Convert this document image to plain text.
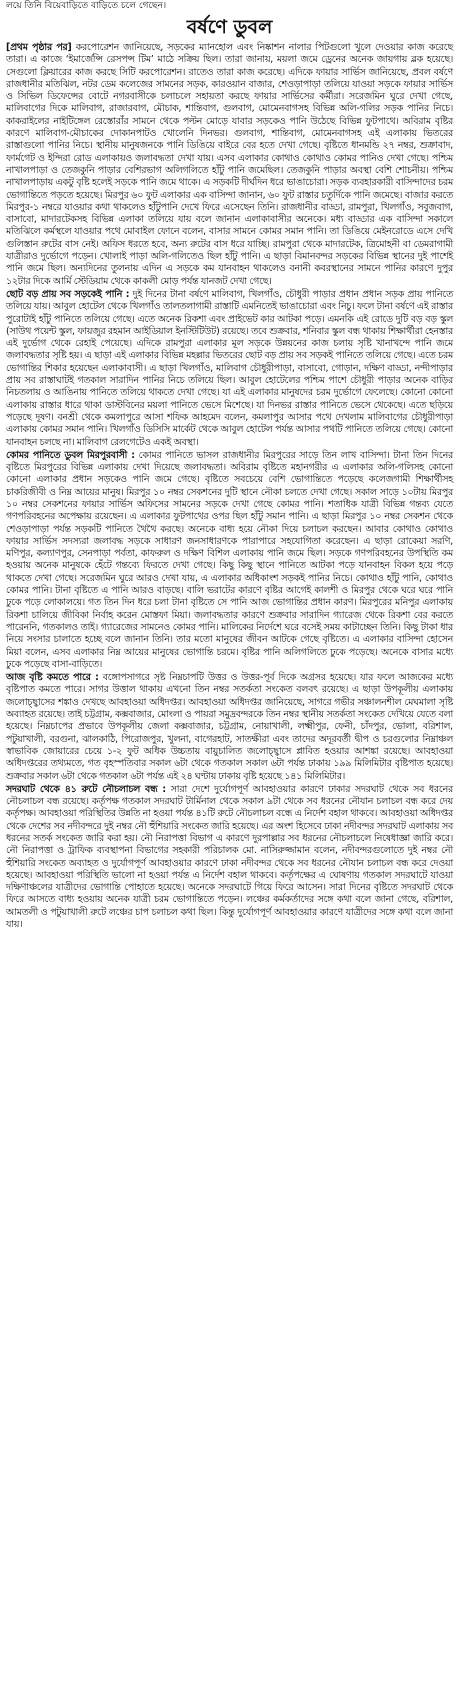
লয়ে তিনি বিয়েবাড়িতে বাড়িতে চলে গেছেন।
বর্ষণে ডুবল

[প্রথম পৃষ্ঠার পর] করপোরেশন জানিয়েছে, সড়কের ম্যানহোল এবং নিষ্কাশন নালার পিটগুলো খুলে দেওয়ার কাজ করেছে তারা। এ কাজে ‘ইমার্জেন্সি রেসপন্স টিম’ মাঠে সক্রিয় ছিল। তারা জানায়, ময়লা জমে ড্রেনের অনেক জায়গায় ব্লক হয়েছে। সেগুলো ক্লিয়ারের কাজ করছে সিটি করপোরেশন। রাতেও তারা কাজ করেছে। এদিকে ফায়ার সার্ভিস জানিয়েছে, প্রবল বর্ষণে রাজধানীর মতিঝিল, নটর ডেম কলেজের সামনের সড়ক, কারওয়ান বাজার, শেওড়াপাড়া তলিয়ে যাওয়া সড়কে ফায়ার সার্ভিস ও সিভিল ডিফেন্সের বোটে নগরবাসীকে চলাচলে সহায়তা করছে ফায়ার সার্ভিসের কর্মীরা। সরেজমিন ঘুরে দেখা গেছে, মালিবাগের দিকে মালিবাগ, রাজারবাগ, মৌচাক, শান্তিবাগ, গুলবাগ, মোমেনবাগসহ বিভিন্ন অলি-গলির সড়ক পানির নিচে। কাকরাইলের নাইটিঙ্গেল রেস্তোরাঁর সামনে থেকে পল্টন মোড়ে যাবার সড়কেও পানি উঠেছে বিভিন্ন ফুটপাথে। অবিরাম বৃষ্টির কারণে মালিবাগ-মৌচাকের দোকানপাটও খোলেনি দিনভর। গুলবাগ, শান্তিবাগ, মোমেনবাগসহ এই এলাকায় ভিতরের রাস্তাগুলো পানির নিচে। স্থানীয় মানুষজনকে পানি ডিঙিয়ে বাইরে বের হতে দেখা গেছে। বৃষ্টিতে ধানমন্ডি ২৭ নম্বর, শুক্রাবাদ, ফার্মগেট ও ইন্দিরা রোড এলাকায়ও জলাবদ্ধতা দেখা যায়। এসব এলাকার কোথাও কোথাও কোমর পানিও দেখা গেছে। পশ্চিম নাখালপাড়া ও তেজকুনি পাড়ার বেশিরভাগ অলিগলিতে হাঁটু পানি জমেছিল। তেজকুনি পাড়ার অবস্থা বেশি শোচনীয়। পশ্চিম নাখালপাড়ায় একটু বৃষ্টি হলেই সড়কে পানি জমে থাকে। এ সড়কটি দীর্ঘদিন ধরে ভাঙাচোরা। সড়ক ব্যবহারকারী বাসিন্দাদের চরম ভোগান্তিতে পড়তে হয়েছে। মিরপুর ৬০ ফুট এলাকার এক বাসিন্দা জানান, ৬০ ফুট রাস্তার চতুর্দিকে পানি জমেছে। বাজার করতে মিরপুর-১ নম্বরে যাওয়ার কথা থাকলেও হাঁটুপানি দেখে ফিরে এসেছেন তিনি। রাজধানীর বাড্ডা, রামপুরা, খিলগাঁও, সবুজবাগ, বাসাবো, মাদারটেকসহ বিভিন্ন এলাকা তলিয়ে যায় বলে জানান এলাকাবাসীর অনেকে। মধ্য বাড্ডার এক বাসিন্দা সকালে মতিঝিলে কর্মস্থলে যাওয়ার পথে মোবাইল ফোনে বলেন, বাসার সামনে কোমর সমান পানি। তা ডিঙিয়ে মেইনরোডে এসে দেখি গুলিস্তান রুটের বাস নেই। অফিস ধরতে হবে, অন্য রুটের বাস ধরে যাচ্ছি। রামপুরা থেকে মাদারটেক, ত্রিমোহনী বা ডেমরাগামী যাত্রীরাও দুর্ভোগে পড়েন। খোলাই পাড়া অলি-গলিতেও ছিল হাঁটু পানি। এ ছাড়া বিমানবন্দর সড়কের বিভিন্ন স্থানের দুই পাশেই পানি জমে ছিল। অন্যদিনের তুলনায় এদিন এ সড়কে কম যানবাহন থাকলেও বনানী কবরস্থানের সামনে পানির কারণে দুপুর ১২টার দিকে আর্মি স্টেডিয়াম থেকে কাকলী মোড় পর্যন্ত যানজট দেখা গেছে।

ছোট বড় প্রায় সব সড়কেই পানি : দুই দিনের টানা বর্ষণে মালিবাগ, খিলগাঁও, চৌধুরী পাড়ার প্রধান প্রধান সড়ক প্রায় পানিতে তলিয়ে যায়। আবুল হোটেল থেকে খিলগাঁও তালতলাগামী রাস্তাটি এমনিতেই ভাঙাচোরা এবং নিচু। ফলে টানা বর্ষণে এই রাস্তার পুরোটাই হাঁটু পানিতে তলিয়ে গেছে। এতে অনেক রিকশা এবং প্রাইভেট কার আটকা পড়ে। এমনকি এই রোডে দুটি বড় বড় স্কুল (সাউথ পয়েন্ট স্কুল, ফায়জুর রহমান আইডিয়াল ইনস্টিটিউট) রয়েছে। তবে শুক্রবার, শনিবার স্কুল বন্ধ থাকায় শিক্ষার্থীরা হেনস্তার এই দুর্ভোগ থেকে রেহাই পেয়েছে। এদিকে রামপুরা এলাকার মূল সড়কে উন্নয়নের কাজ চলায় সৃষ্টি খানাখন্দে পানি জমে জলাবদ্ধতার সৃষ্টি হয়। এ ছাড়া এই এলাকার বিভিন্ন মহল্লার ভিতরের ছোট বড় প্রায় সব সড়কই পানিতে তলিয়ে গেছে। এতে চরম ভোগান্তির শিকার হয়েছেন এলাকাবাসী। এ ছাড়া খিলগাঁও, মালিবাগ চৌধুরীপাড়া, বাসাবো, গোড়ান, দক্ষিণ বাড্ডা, নন্দীপাড়ার প্রায় সব রাস্তাঘাটই গতকাল সারাদিন পানির নিচে তলিয়ে ছিল। আবুল হোটেলের পশ্চিম পাশে চৌধুরী পাড়ার অনেক বাড়ির নিচতলায় ও আঙিনায় পানিতে তলিয়ে থাকতে দেখা গেছে। যা এই এলাকার মানুষদের চরম দুর্ভোগে ফেলেছে। কোনো কোনো এলাকায় রাস্তার ধারে থাকা ডাস্টবিনের ময়লা পানিতে ভেসে মিশেছে। যা দিনভর রাস্তার পানিতে ভেসে থেকেছে। এতে ছড়িয়ে পড়েছে দূষণ। বনশ্রী থেকে কমলাপুরে আসা শফিক আহমেদ বলেন, কমলাপুর আসার পথে দেখলাম মালিবাগের চৌধুরীপাড়া এলাকায় কোমর সমান পানি। খিলগাঁও ডিসিসি মার্কেট থেকে আবুল হোটেল পর্যন্ত আসার পথটি পানিতে তলিয়ে গেছে। কোনো যানবাহন চলছে না। মালিবাগ রেলগেটেও একই অবস্থা।

কোমর পানিতে ডুবল মিরপুরবাসী : কোমর পানিতে ভাসল রাজধানীর মিরপুরের সাড়ে তিন লাখ বাসিন্দা। টানা তিন দিনের বৃষ্টিতে মিরপুরের বিভিন্ন এলাকায় দেখা দিয়েছে জলাবদ্ধতা। অবিরাম বৃষ্টিতে মহানগরীর এ এলাকার অলি-গলিসহ কোনো কোনো এলাকার প্রধান সড়কেও পানি জমে গেছে। বৃষ্টিতে সবচেয়ে বেশি ভোগান্তিতে পড়েছে কলেজগামী শিক্ষার্থীসহ চাকরিজীবী ও নিম্ন আয়ের মানুষ। মিরপুর ১০ নম্বর সেকশনের দুটি স্থানে নৌকা চলতে দেখা গেছে। সকাল সাড়ে ১০টায় মিরপুর ১০ নম্বর সেকশনের ফায়ার সার্ভিস অফিসের সামনের সড়কে দেখা গেছে কোমর পানি। শতাধিক যাত্রী বিভিন্ন গন্তব্য যেতে গণপরিবহনের অপেক্ষায় রয়েছেন। এ এলাকার ফুটপাথের ওপর ছিল হাঁটু সমান পানি। এ ছাড়া মিরপুর ১০ নম্বর সেকশন থেকে শেওড়াপাড়া পর্যন্ত সড়কটি পানিতে থৈথৈ করছে। অনেকে বাধ্য হয়ে নৌকা দিয়ে চলাচল করছেন। আবার কোথাও কোথাও ফায়ার সার্ভিস সদস্যরা জলাবদ্ধ সড়কে সাধারণ জনসাধারণকে পারাপারে সহযোগিতা করেছেন। এ ছাড়া রোকেয়া সরণি, মণিপুর, কল্যাণপুর, সেনপাড়া পর্বতা, কাফরুল ও দক্ষিণ বিশিল এলাকায় পানি জমে ছিল। সড়কে গণপরিবহনের উপস্থিতি কম হওয়ায় অনেক মানুষকে হেঁটে গন্তব্যে ফিরতে দেখা গেছে। কিছু কিছু স্থানে পানিতে আটকা পড়ে যানবাহন বিকল হয়ে পড়ে থাকতে দেখা গেছে। সরেজমিন ঘুরে আরও দেখা যায়, এ এলাকার অধিকাংশ সড়কই পানির নিচে। কোথাও হাঁটু পানি, কোথাও কোমর পানি। টানা বৃষ্টিতে এ পানি আরও বাড়ছে। বালি ভরাটের কারণে বৃষ্টির আগেই কালশী ও মিরপুর থেকে ঘরে ঘরে পানি ঢুকে পড়ে লোকালয়ে। গত তিন দিন ধরে চলা টানা বৃষ্টিতে সে পানি আজ ভোগান্তির প্রধান কারণ। মিরপুরের মনিপুর এলাকায় রিকশা চালিয়ে জীবিকা নির্বাহ করেন মোস্তফা মিয়া। জলাবদ্ধতার কারণে শুক্রবার সারাদিন গ্যারেজ থেকে রিকশা বের করতে পারেননি, গতকালও তাই। গ্যারেজের সামনেও কোমর পানি। মালিকের নির্দেশে ঘরে বসেই সময় কাটাচ্ছেন তিনি। কিছু টাকা ধার নিয়ে সংসার চালাতে হচ্ছে বলে জানান তিনি। তার মতো মানুষের জীবন আটকে গেছে বৃষ্টিতে। এ এলাকার বাসিন্দা হোসেন মিয়া বলেন, এসব এলাকার নিম্ন আয়ের মানুষের ভোগান্তি চরমে। বৃষ্টির পানি অলিগলিতে ঢুকে পড়েছে। অনেকে বাসার মধ্যে ঢুকে পড়েছে বাসা-বাড়িতে।

আজ বৃষ্টি কমতে পারে : বঙ্গোপসাগরে সৃষ্ট নিম্নচাপটি উত্তর ও উত্তর-পূর্ব দিকে অগ্রসর হয়েছে। যার ফলে আজকের মধ্যে বৃষ্টিপাত কমতে পারে। সাগর উত্তাল থাকায় এখনো তিন নম্বর সতর্কতা সংকেত বলবৎ রয়েছে। এ ছাড়া উপকূলীয় এলাকায় জলোচ্ছ্বাসের শঙ্কাও দেখছে আবহাওয়া অধিদপ্তর। আবহাওয়া অধিদপ্তর জানিয়েছে, সাগরে গভীর সঞ্চালনশীল মেঘমালা সৃষ্টি অব্যাহত রয়েছে। তাই চট্টগ্রাম, কক্সবাজার, মোংলা ও পায়রা সমুদ্রবন্দরকে তিন নম্বর স্থানীয় সতর্কতা সংকেত দেখিয়ে যেতে বলা হয়েছে। নিম্নচাপের প্রভাবে উপকূলীয় জেলা কক্সবাজার, চট্টগ্রাম, নোয়াখালী, লক্ষ্মীপুর, ফেনী, চাঁদপুর, ভোলা, বরিশাল, পটুয়াখালী, বরগুনা, ঝালকাঠি, পিরোজপুর, খুলনা, বাগেরহাট, সাতক্ষীরা এবং তাদের অদূরবর্তী দ্বীপ ও চরগুলোর নিম্নাঞ্চল স্বাভাবিক জোয়ারের চেয়ে ১-২ ফুট অধিক উচ্চতায় বায়ুচালিত জলোচ্ছ্বাসে প্লাবিত হওয়ার আশঙ্কা রয়েছে। আবহাওয়া অধিদপ্তরের তথ্যমতে, গত বৃহস্পতিবার সকাল ৬টা থেকে গতকাল সকাল ৬টা পর্যন্ত ঢাকায় ১৯৯ মিলিমিটার বৃষ্টিপাত হয়েছে। শুক্রবার সকাল ৬টা থেকে গতকাল ৬টা পর্যন্ত এই ২৪ ঘণ্টায় ঢাকায় বৃষ্টি হয়েছে ১৪১ মিলিমিটার।

সদরঘাট থেকে ৪১ রুটে নৌচলাচল বন্ধ : সারা দেশে দুর্যোগপূর্ণ আবহাওয়ার কারণে ঢাকার সদরঘাট থেকে সব ধরনের নৌচলাচল বন্ধ রয়েছে। কর্তৃপক্ষ গতকাল সদরঘাট টার্মিনাল থেকে সকাল ৯টা থেকে সব ধরনের নৌযান চলাচল বন্ধ করে দেয় কর্তৃপক্ষ। আবহাওয়া পরিস্থিতির উন্নতি না হওয়া পর্যন্ত ৪১টি রুটে নৌচলাচল বন্ধে এ নির্দেশ বহাল থাকবে। আবহাওয়া অধিদপ্তর থেকে দেশের সব নদীবন্দরে দুই নম্বর নৌ হুঁশিয়ারি সংকেত জারি হয়েছে। এর অংশ হিসেবে ঢাকা নদীবন্দর সদরঘাট এলাকায় সব ধরনের সতর্ক সংকেত জারি করা হয়। নৌ নিরাপত্তা বিভাগ এ কারণে দুরপাল্লার সব ধরনের নৌচলাচলে নিষেধাজ্ঞা জারি করে। নৌ নিরাপত্তা ও ট্রাফিক ব্যবস্থাপনা বিভাগের সহকারী পরিচালক মো. নাসিরুজ্জামান বলেন, নদীবন্দরগুলোতে দুই নম্বর নৌ হুঁশিয়ারি সংকেত অব্যাহত ও দুর্যোগপূর্ণ আবহাওয়ার কারণে ঢাকা নদীবন্দর থেকে সব ধরনের নৌযান চলাচল বন্ধ করে দেওয়া হয়েছে। আবহাওয়া পরিস্থিতি ভালো না হওয়া পর্যন্ত এ নির্দেশ বহাল থাকবে। কর্তৃপক্ষের এ ঘোষণায় গতকাল সদরঘাটে যাওয়া দক্ষিণাঞ্চলের যাত্রীদের ভোগান্তি পোহাতে হয়েছে। অনেকে সদরঘাটে গিয়ে ফিরে আসেন। সারা দিনের বৃষ্টিতে সদরঘাট থেকে ফিরে আসতে বাধ্য হওয়ায় অনেক যাত্রী চরম ভোগান্তিতে পড়েন। লঞ্চের কর্মকর্তাদের সঙ্গে কথা বলে জানা গেছে, বরিশাল, আমতলী ও পটুয়াখালী রুটে লঞ্চের চাপ চলাচল কথা ছিল। কিন্তু দুর্যোগপূর্ণ আবহাওয়ার কারণে যাত্রীদের সঙ্গে কথা বলে জানা যায়।
